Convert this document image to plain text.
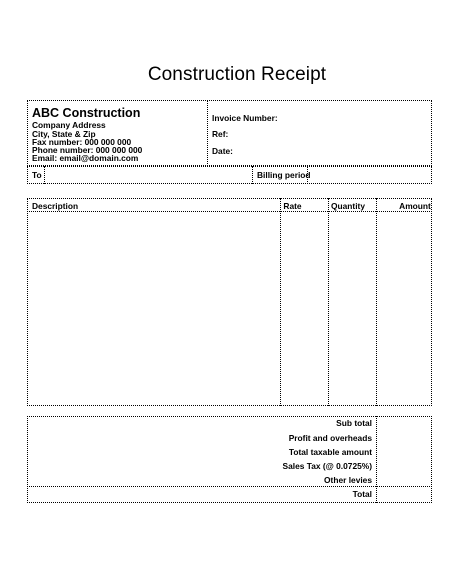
Construction Receipt
ABC Construction
Company Address
City, State & Zip
Fax number: 000 000 000
Phone number: 000 000 000
Email: email@domain.com
Invoice Number:
Ref:
Date:
To	Billing period
Description	Rate	Quantity	Amount
Sub total
Profit and overheads
Total taxable amount
Sales Tax (@ 0.0725%)
Other levies
Total
